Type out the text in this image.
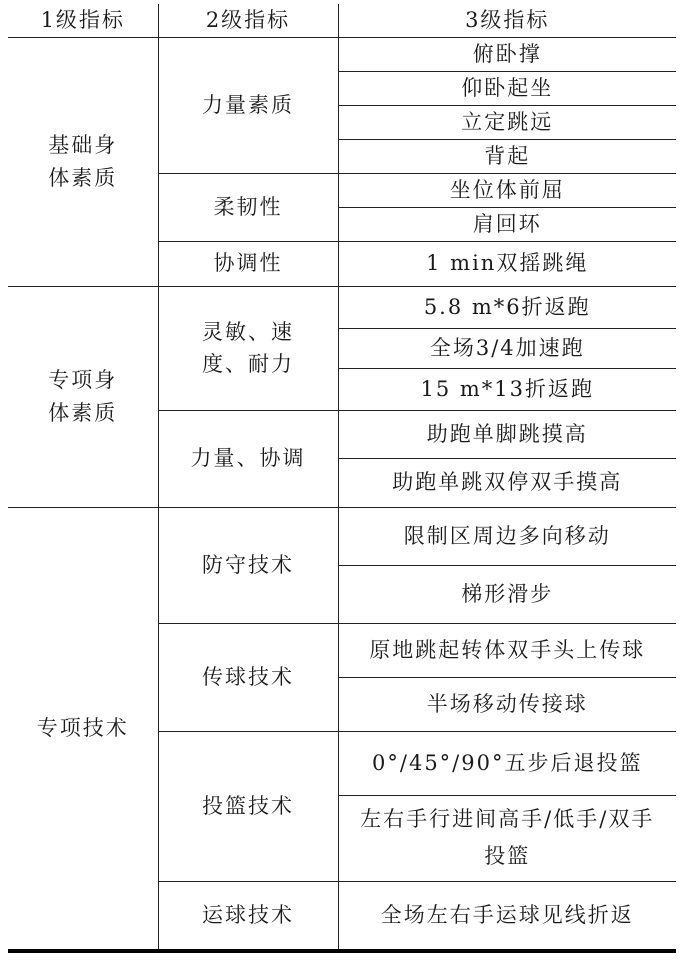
1级指标	2级指标	3级指标

基础身体素质	力量素质	俯卧撑
		仰卧起坐
		立定跳远
		背起
	柔韧性	坐位体前屈
		肩回环
	协调性	1 min双摇跳绳

专项身体素质	灵敏、速度、耐力	5.8 m*6折返跑
		全场3/4加速跑
		15 m*13折返跑
	力量、协调	助跑单脚跳摸高
		助跑单跳双停双手摸高
专项技术	防守技术	限制区周边多向移动
		梯形滑步
	传球技术	原地跳起转体双手头上传球
		半场移动传接球
	投篮技术	0°/45°/90°五步后退投篮

		左右手行进间高手/低手/双手投篮

	运球技术	全场左右手运球见线折返
